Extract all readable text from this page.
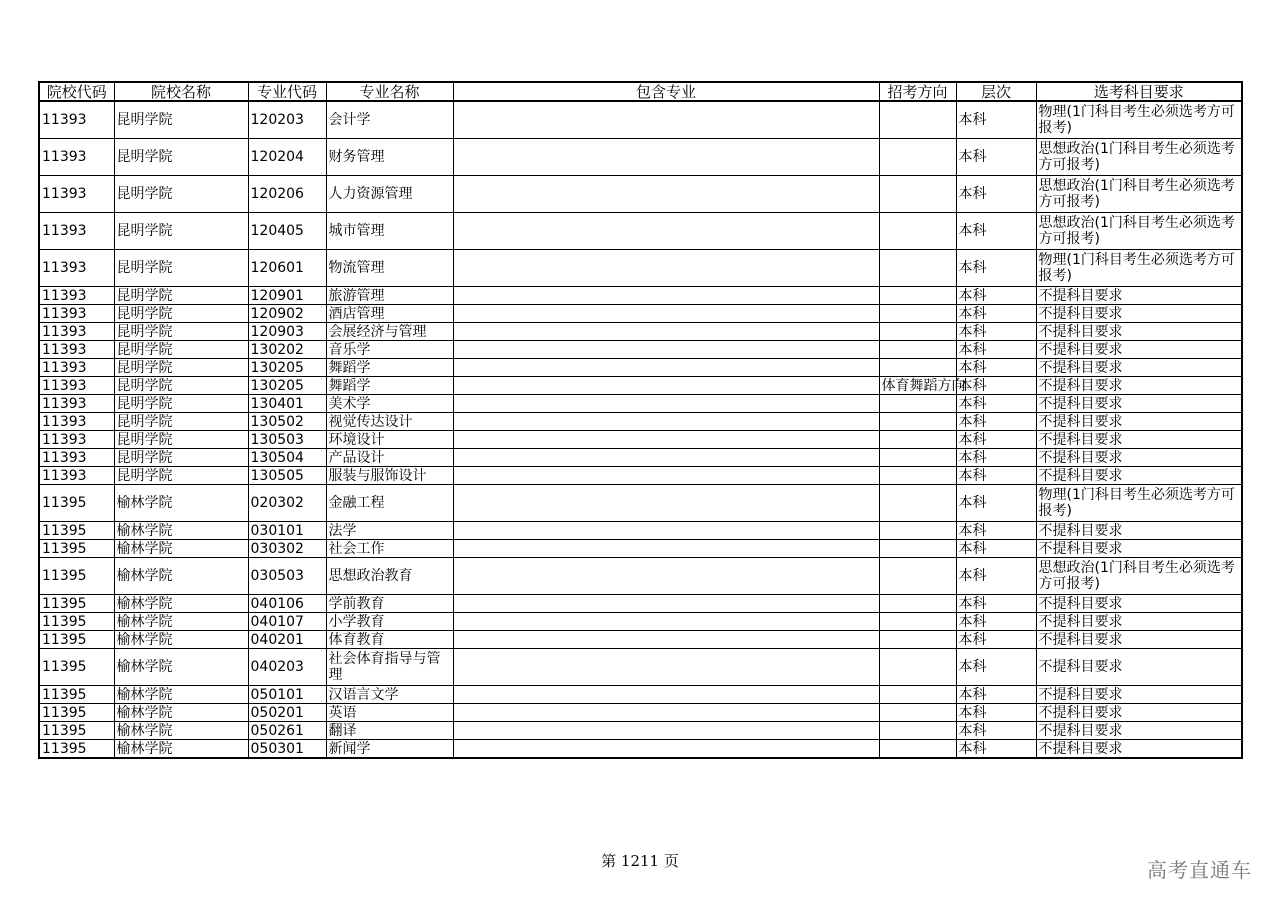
院校代码	院校名称	专业代码	专业名称	包含专业	招考方向	层次	选考科目要求
11393	昆明学院	120203	会计学			本科	物理(1门科目考生必须选考方可报考)
11393	昆明学院	120204	财务管理			本科	思想政治(1门科目考生必须选考方可报考)
11393	昆明学院	120206	人力资源管理			本科	思想政治(1门科目考生必须选考方可报考)
11393	昆明学院	120405	城市管理			本科	思想政治(1门科目考生必须选考方可报考)
11393	昆明学院	120601	物流管理			本科	物理(1门科目考生必须选考方可报考)
11393	昆明学院	120901	旅游管理			本科	不提科目要求
11393	昆明学院	120902	酒店管理			本科	不提科目要求
11393	昆明学院	120903	会展经济与管理			本科	不提科目要求
11393	昆明学院	130202	音乐学			本科	不提科目要求
11393	昆明学院	130205	舞蹈学			本科	不提科目要求
11393	昆明学院	130205	舞蹈学		体育舞蹈方向	本科	不提科目要求
11393	昆明学院	130401	美术学			本科	不提科目要求
11393	昆明学院	130502	视觉传达设计			本科	不提科目要求
11393	昆明学院	130503	环境设计			本科	不提科目要求
11393	昆明学院	130504	产品设计			本科	不提科目要求
11393	昆明学院	130505	服装与服饰设计			本科	不提科目要求
11395	榆林学院	020302	金融工程			本科	物理(1门科目考生必须选考方可报考)
11395	榆林学院	030101	法学			本科	不提科目要求
11395	榆林学院	030302	社会工作			本科	不提科目要求
11395	榆林学院	030503	思想政治教育			本科	思想政治(1门科目考生必须选考方可报考)
11395	榆林学院	040106	学前教育			本科	不提科目要求
11395	榆林学院	040107	小学教育			本科	不提科目要求
11395	榆林学院	040201	体育教育			本科	不提科目要求
11395	榆林学院	040203	社会体育指导与管理			本科	不提科目要求
11395	榆林学院	050101	汉语言文学			本科	不提科目要求
11395	榆林学院	050201	英语			本科	不提科目要求
11395	榆林学院	050261	翻译			本科	不提科目要求
11395	榆林学院	050301	新闻学			本科	不提科目要求
第 1211 页	高考直通车
